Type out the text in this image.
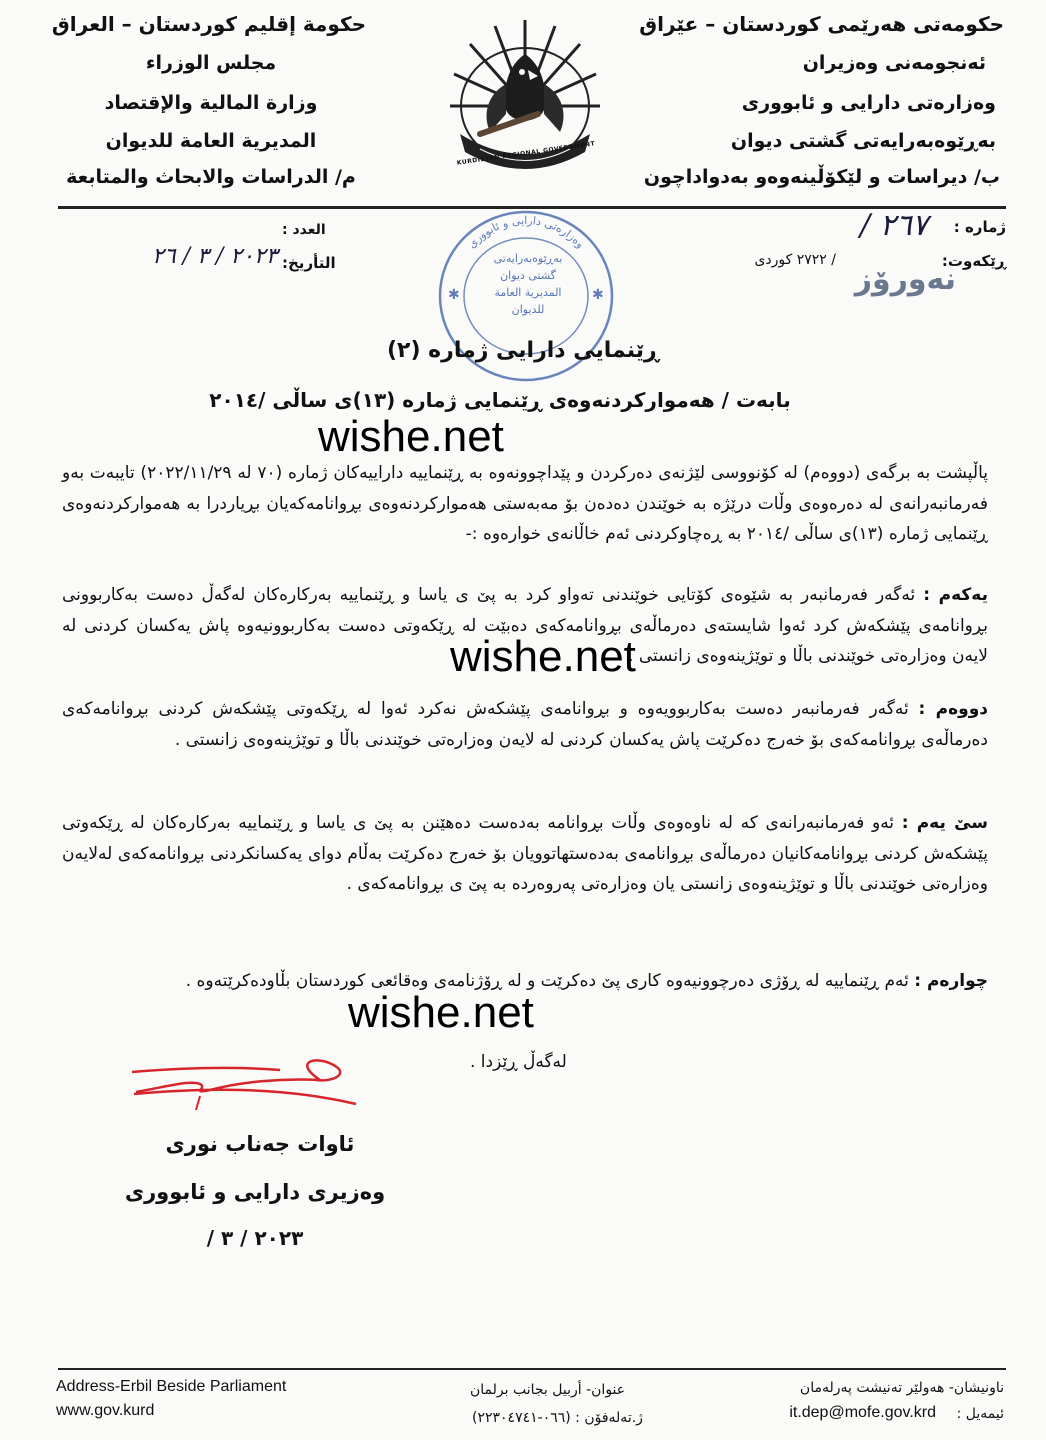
حكومەتی هەرێمی كوردستان – عێراق
ئەنجومەنی وەزیران
وەزارەتی دارایی و ئابووری
بەڕێوەبەرایەتی گشتی دیوان
ب/ دیراسات و لێكۆڵینەوەو بەدواداچون
حكومة إقليم كوردستان – العراق
مجلس الوزراء
وزارة المالية والإقتصاد
المديرية العامة للديوان
م/ الدراسات والابحاث والمتابعة
KURDISTAN REGIONAL GOVERNMENT
ژمارە :
٢٦٧ /
ڕێكەوت:
/ ٢٧٢٢ كوردی
نەورۆز
العدد :
التأريخ:
٢٠٢٣ / ٣ / ٢٦
وەزارەتی دارایی و ئابووری
✱	✱
بەڕێوەبەرایەتی
گشتی دیوان
المديرية العامة
للديوان
ڕێنمایی دارایی ژمارە (٢)
بابەت / هەمواركردنەوەی ڕێنمایی ژمارە (١٣)ی ساڵی /٢٠١٤
wishe.net
پاڵپشت بە برگەی (دووەم) لە كۆنووسی لێژنەی دەركردن و پێداچوونەوە بە ڕێنماییە داراییەكان ژمارە (٧٠ لە ٢٠٢٢/١١/٢٩) تایبەت بەو فەرمانبەرانەی لە دەرەوەی وڵات درێژە بە خوێندن دەدەن بۆ مەبەستی هەمواركردنەوەی بڕوانامەكەیان بڕیاردرا بە هەمواركردنەوەی ڕێنمایی ژمارە (١٣)ی ساڵی /٢٠١٤ بە ڕەچاوكردنی ئەم خاڵانەی خوارەوە :-
یەكەم : ئەگەر فەرمانبەر بە شێوەی كۆتایی خوێندنی تەواو كرد بە پێ ی یاسا و ڕێنماییە بەركارەكان لەگەڵ دەست بەكاربوونی بڕوانامەی پێشكەش كرد ئەوا شایستەی دەرماڵەی بڕوانامەكەی دەبێت لە ڕێكەوتی دەست بەكاربوونیەوە پاش یەكسان كردنی لە لایەن وەزارەتی خوێندنی باڵا و توێژینەوەی زانستی .
wishe.net
دووەم : ئەگەر فەرمانبەر دەست بەكاربوویەوە و بڕوانامەی پێشكەش نەكرد ئەوا لە ڕێكەوتی پێشكەش كردنی بڕوانامەكەی دەرماڵەی بڕوانامەكەی بۆ خەرج دەكرێت پاش یەكسان كردنی لە لایەن وەزارەتی خوێندنی باڵا و توێژینەوەی زانستی .
سێ یەم : ئەو فەرمانبەرانەی كە لە ناوەوەی وڵات بڕوانامە بەدەست دەهێنن بە پێ ی یاسا و ڕێنماییە بەركارەكان لە ڕێكەوتی پێشكەش كردنی بڕوانامەكانیان دەرماڵەی بڕوانامەی بەدەستهاتوویان بۆ خەرج دەكرێت بەڵام دوای یەكسانكردنی بڕوانامەكەی لەلایەن وەزارەتی خوێندنی باڵا و توێژینەوەی زانستی یان وەزارەتی پەروەردە بە پێ ی بڕوانامەكەی .
چوارەم : ئەم ڕێنماییە لە ڕۆژی دەرچوونیەوە كاری پێ دەكرێت و لە ڕۆژنامەی وەقائعی كوردستان بڵاودەكرێتەوە .
wishe.net
لەگەڵ ڕێزدا .
ئاوات جەناب نوری
وەزیری دارایی و ئابووری
٢٠٢٣ / ٣ /
Address-Erbil Beside Parliament
www.gov.kurd
عنوان- أربيل بجانب برلمان
ژ.تەلەفۆن : (٠٦٦-٢٢٣٠٤٧٤١)
ناونیشان- هەولێر تەنیشت پەرلەمان
ئیمەیل :
it.dep@mofe.gov.krd
